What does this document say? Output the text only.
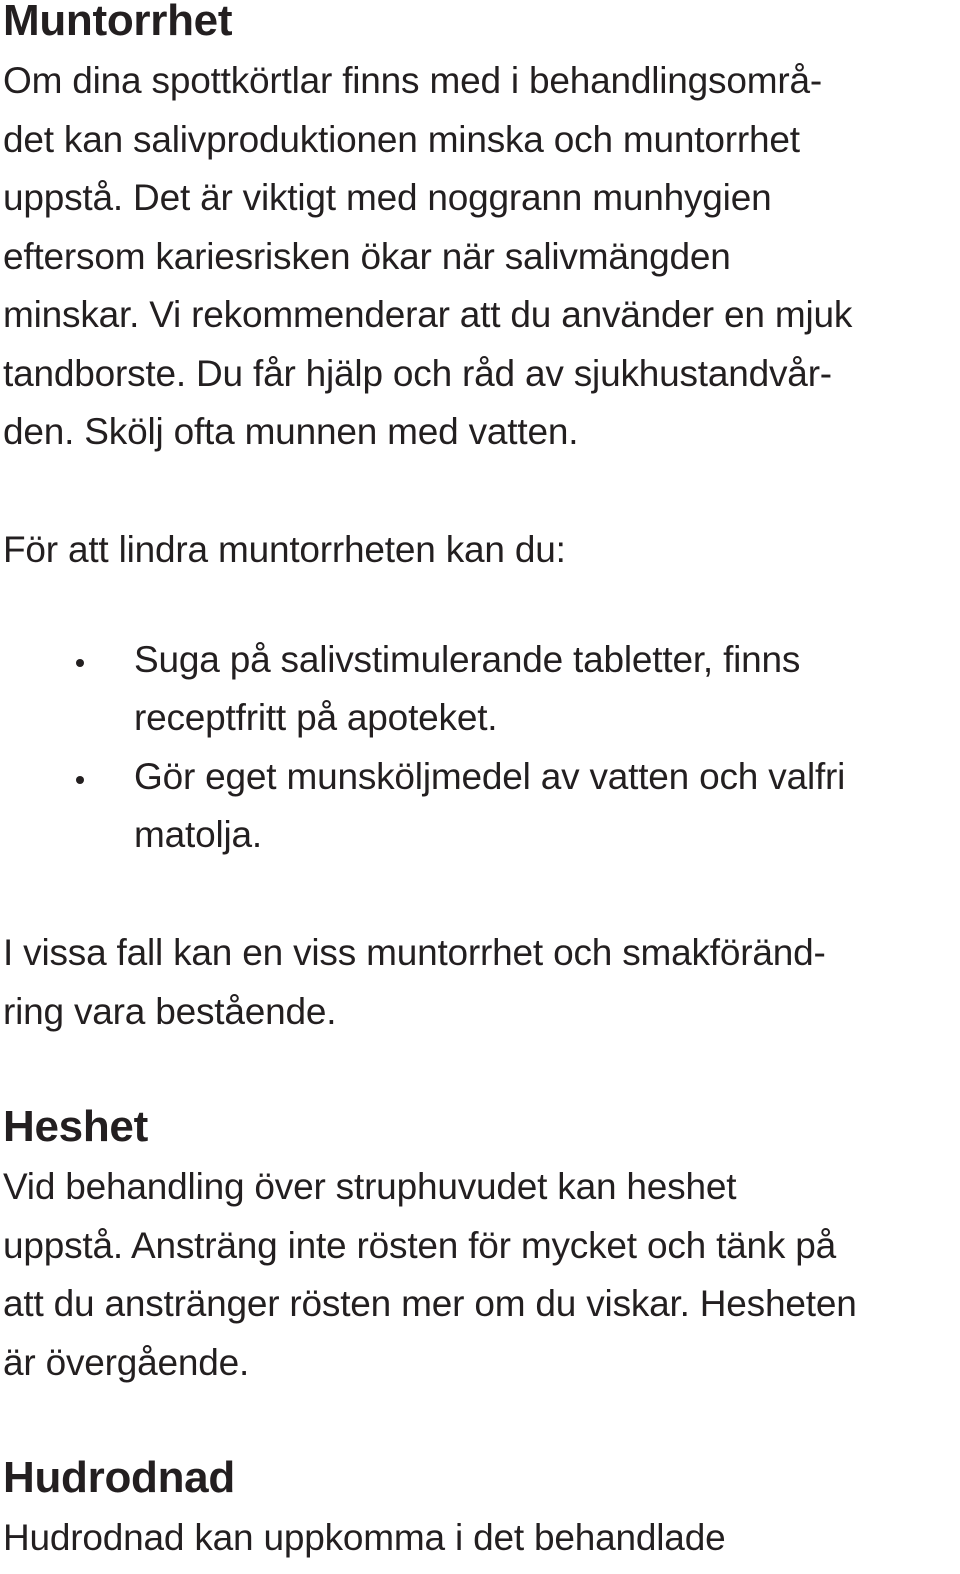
Muntorrhet
Om dina spottkörtlar finns med i behandlingsområ-
det kan salivproduktionen minska och muntorrhet
uppstå. Det är viktigt med noggrann munhygien
eftersom kariesrisken ökar när salivmängden
minskar. Vi rekommenderar att du använder en mjuk
tandborste. Du får hjälp och råd av sjukhustandvår-
den. Skölj ofta munnen med vatten.
För att lindra muntorrheten kan du:
Suga på salivstimulerande tabletter, finns
receptfritt på apoteket.
Gör eget munsköljmedel av vatten och valfri
matolja.
I vissa fall kan en viss muntorrhet och smakföränd-
ring vara bestående.
Heshet
Vid behandling över struphuvudet kan heshet
uppstå. Ansträng inte rösten för mycket och tänk på
att du anstränger rösten mer om du viskar. Hesheten
är övergående.
Hudrodnad
Hudrodnad kan uppkomma i det behandlade
